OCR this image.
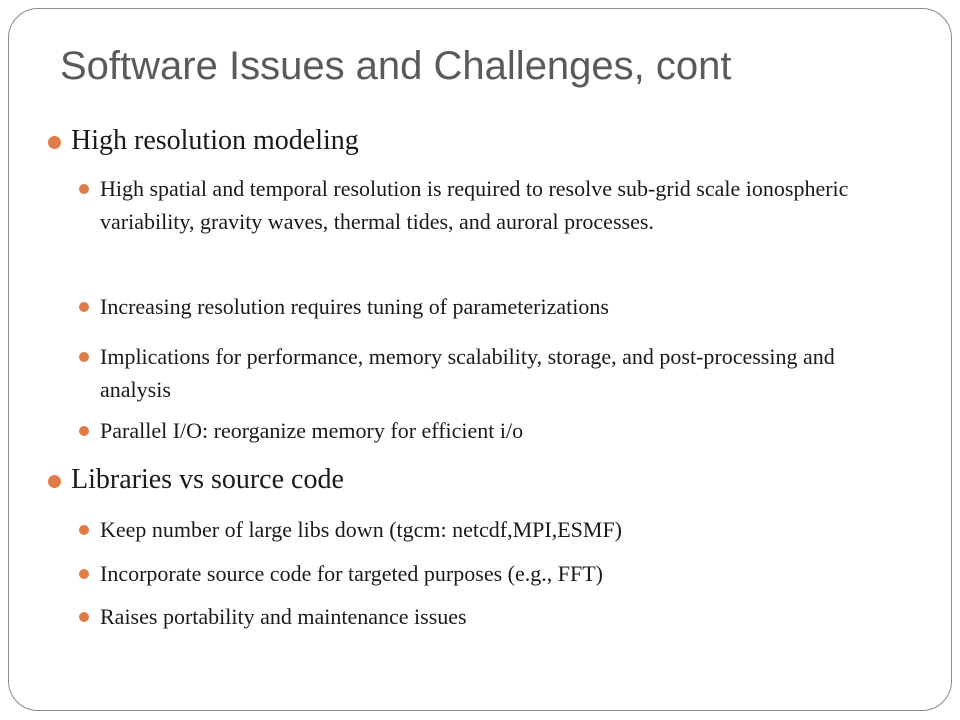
Software Issues and Challenges, cont
High resolution modeling
High spatial and temporal resolution is required to resolve sub-grid scale ionospheric variability, gravity waves, thermal tides, and auroral processes.
Increasing resolution requires tuning of parameterizations
Implications for performance, memory scalability, storage, and post-processing and analysis
Parallel I/O: reorganize memory for efficient i/o
Libraries vs source code
Keep number of large libs down (tgcm: netcdf,MPI,ESMF)
Incorporate source code for targeted purposes (e.g., FFT)
Raises portability and maintenance issues
